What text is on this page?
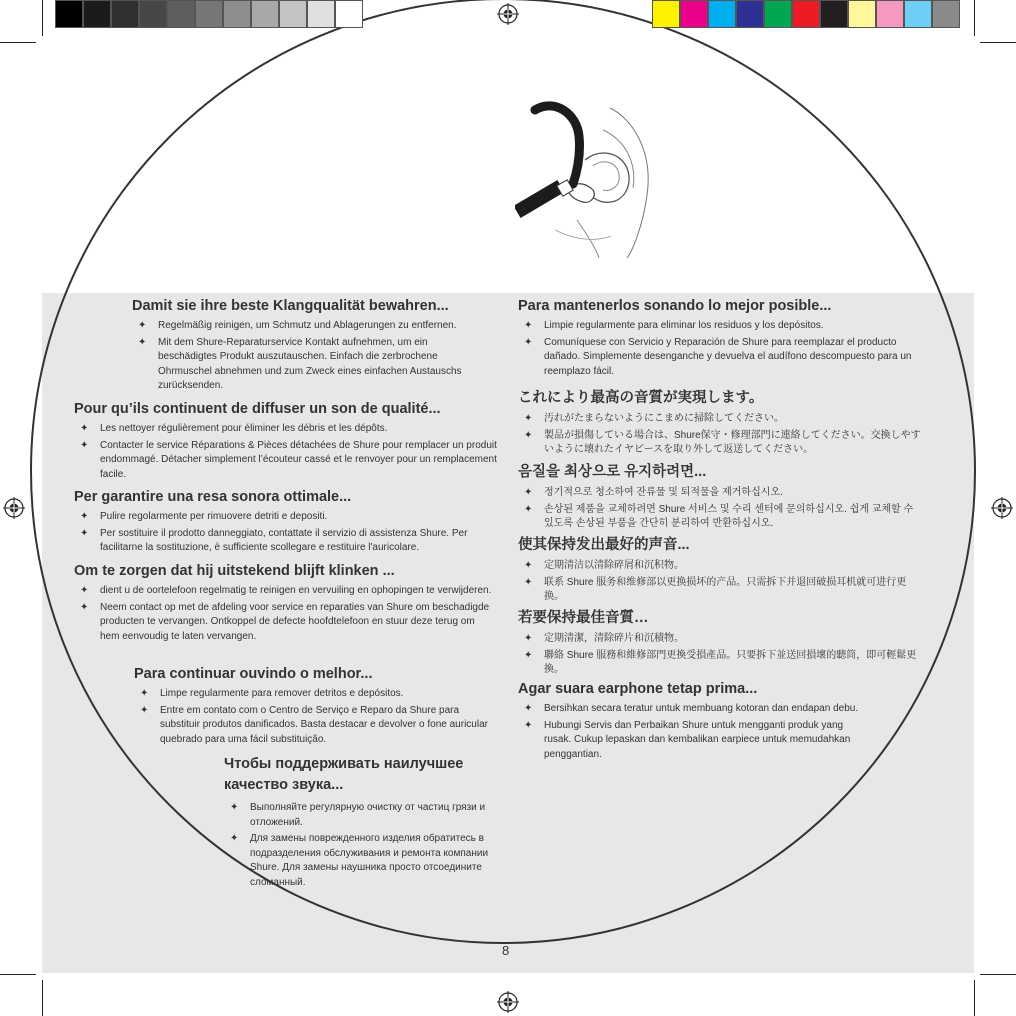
Damit sie ihre beste Klangqualität bewahren...
✦ Regelmäßig reinigen, um Schmutz und Ablagerungen zu entfernen.
✦ Mit dem Shure-Reparaturservice Kontakt aufnehmen, um ein beschädigtes Produkt auszutauschen. Einfach die zerbrochene Ohrmuschel abnehmen und zum Zweck eines einfachen Austauschs zurücksenden.
Pour qu’ils continuent de diffuser un son de qualité...
✦ Les nettoyer régulièrement pour éliminer les débris et les dépôts.
✦ Contacter le service Réparations & Pièces détachées de Shure pour remplacer un produit endommagé. Détacher simplement l’écouteur cassé et le renvoyer pour un remplacement facile.
Per garantire una resa sonora ottimale...
✦ Pulire regolarmente per rimuovere detriti e depositi.
✦ Per sostituire il prodotto danneggiato, contattate il servizio di assistenza Shure. Per facilitarne la sostituzione, è sufficiente scollegare e restituire l'auricolare.
Om te zorgen dat hij uitstekend blijft klinken ...
✦ dient u de oortelefoon regelmatig te reinigen en vervuiling en ophopingen te verwijderen.
✦ Neem contact op met de afdeling voor service en reparaties van Shure om beschadigde producten te vervangen. Ontkoppel de defecte hoofdtelefoon en stuur deze terug om hem eenvoudig te laten vervangen.
Para continuar ouvindo o melhor...
✦ Limpe regularmente para remover detritos e depósitos.
✦ Entre em contato com o Centro de Serviço e Reparo da Shure para substituir produtos danificados. Basta destacar e devolver o fone auricular quebrado para uma fácil substituição.
Чтобы поддерживать наилучшее качество звука...
✦ Выполняйте регулярную очистку от частиц грязи и отложений.
✦ Для замены поврежденного изделия обратитесь в подразделения обслуживания и ремонта компании Shure. Для замены наушника просто отсоедините сломанный.
Para mantenerlos sonando lo mejor posible...
✦ Limpie regularmente para eliminar los residuos y los depósitos.
✦ Comuníquese con Servicio y Reparación de Shure para reemplazar el producto dañado. Simplemente desenganche y devuelva el audífono descompuesto para un reemplazo fácil.
これにより最高の音質が実現します。
✦ 汚れがたまらないようにこまめに掃除してください。
✦ 製品が損傷している場合は、Shure保守・修理部門に連絡してください。交換しやすいように壊れたイヤピースを取り外して返送してください。
음질을 최상으로 유지하려면...
✦ 정기적으로 청소하여 잔류물 및 퇴적물을 제거하십시오.
✦ 손상된 제품을 교체하려면 Shure 서비스 및 수리 센터에 문의하십시오. 쉽게 교체할 수 있도록 손상된 부품을 간단히 분리하여 반환하십시오.
使其保持发出最好的声音...
✦ 定期清洁以清除碎屑和沉积物。
✦ 联系 Shure 服务和维修部以更换损坏的产品。只需拆下并退回破损耳机就可进行更换。
若要保持最佳音質…
✦ 定期清潔，清除碎片和沉積物。
✦ 聯絡 Shure 服務和維修部門更換受損產品。只要拆下並送回損壞的聽筒，即可輕鬆更換。
Agar suara earphone tetap prima...
✦ Bersihkan secara teratur untuk membuang kotoran dan endapan debu.
✦ Hubungi Servis dan Perbaikan Shure untuk mengganti produk yang rusak. Cukup lepaskan dan kembalikan earpiece untuk memudahkan penggantian.
8
